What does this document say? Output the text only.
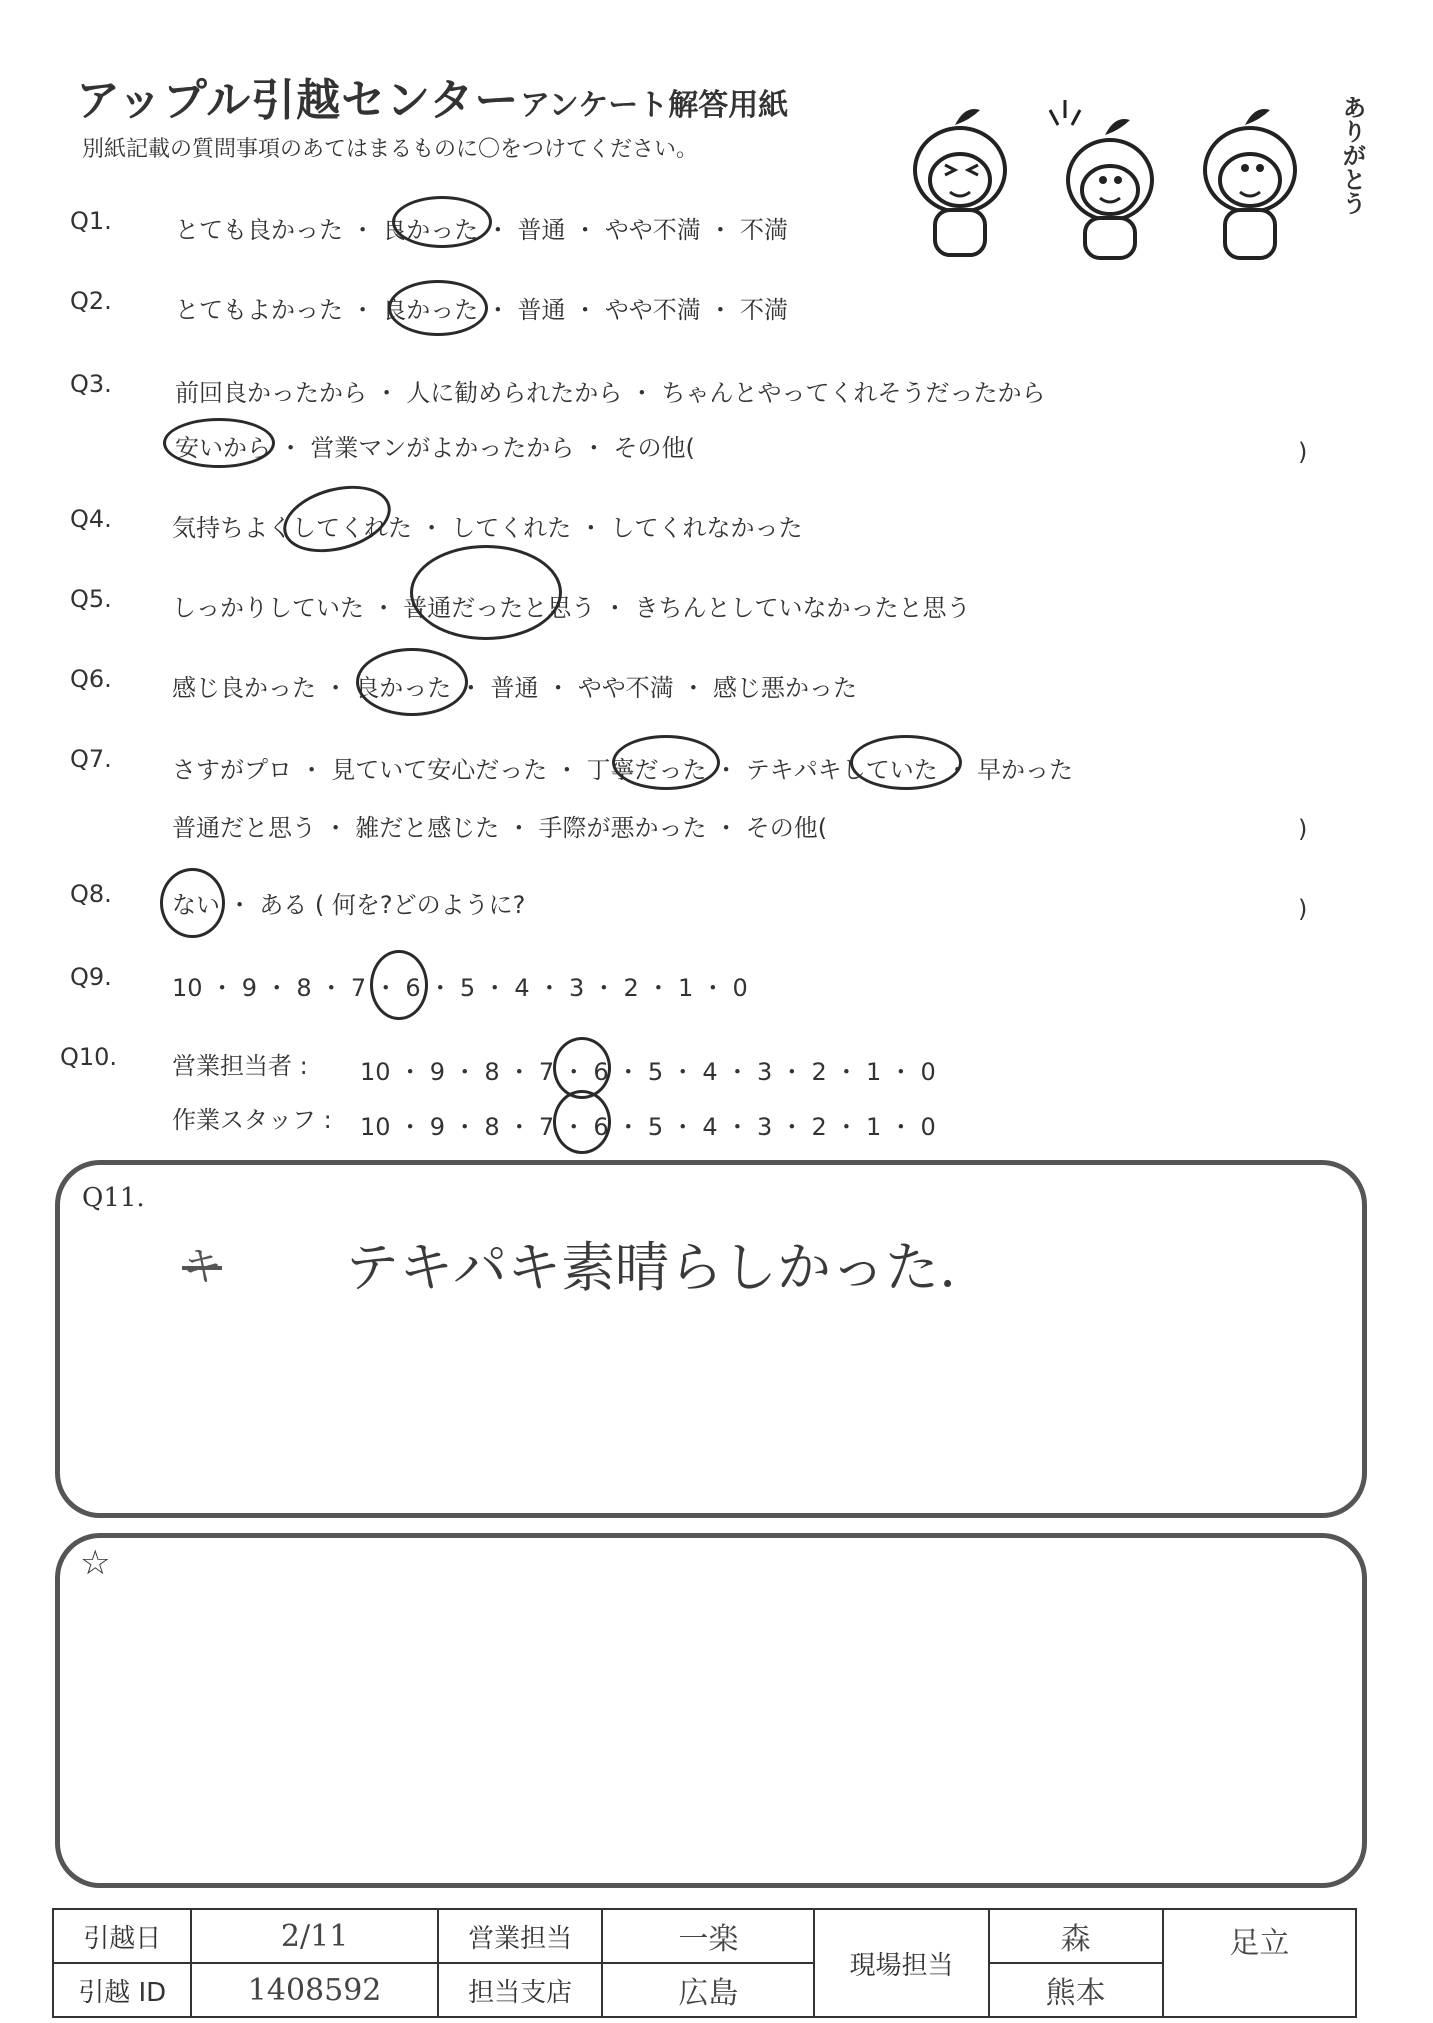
アップル引越センター アンケート解答用紙
別紙記載の質問事項のあてはまるものに〇をつけてください。	ありがとう
Q1.	とても良かった ・ 良かった ・ 普通 ・ やや不満 ・ 不満
Q2.	とてもよかった ・ 良かった ・ 普通 ・ やや不満 ・ 不満
Q3.	前回良かったから ・ 人に勧められたから ・ ちゃんとやってくれそうだったから
安いから ・ 営業マンがよかったから ・ その他(	)
Q4.	気持ちよくしてくれた ・ してくれた ・ してくれなかった
Q5.	しっかりしていた ・ 普通だったと思う ・ きちんとしていなかったと思う
Q6.	感じ良かった ・ 良かった ・ 普通 ・ やや不満 ・ 感じ悪かった
Q7.	さすがプロ ・ 見ていて安心だった ・ 丁寧だった ・ テキパキしていた ・ 早かった
普通だと思う ・ 雑だと感じた ・ 手際が悪かった ・ その他(	)
Q8.	ない ・ ある ( 何を?どのように?	)
Q9.	10 ・ 9 ・ 8 ・ 7 ・ 6 ・ 5 ・ 4 ・ 3 ・ 2 ・ 1 ・ 0
Q10. 営業担当者 : 10 ・ 9 ・ 8 ・ 7 ・ 6 ・ 5 ・ 4 ・ 3 ・ 2 ・ 1 ・ 0
作業スタッフ : 10 ・ 9 ・ 8 ・ 7 ・ 6 ・ 5 ・ 4 ・ 3 ・ 2 ・ 1 ・ 0
Q11.
キ テキパキ素晴らしかった.
☆
引越日	2/11	営業担当	一楽	現場担当	森	足立
引越 ID	1408592	担当支店	広島		熊本	
